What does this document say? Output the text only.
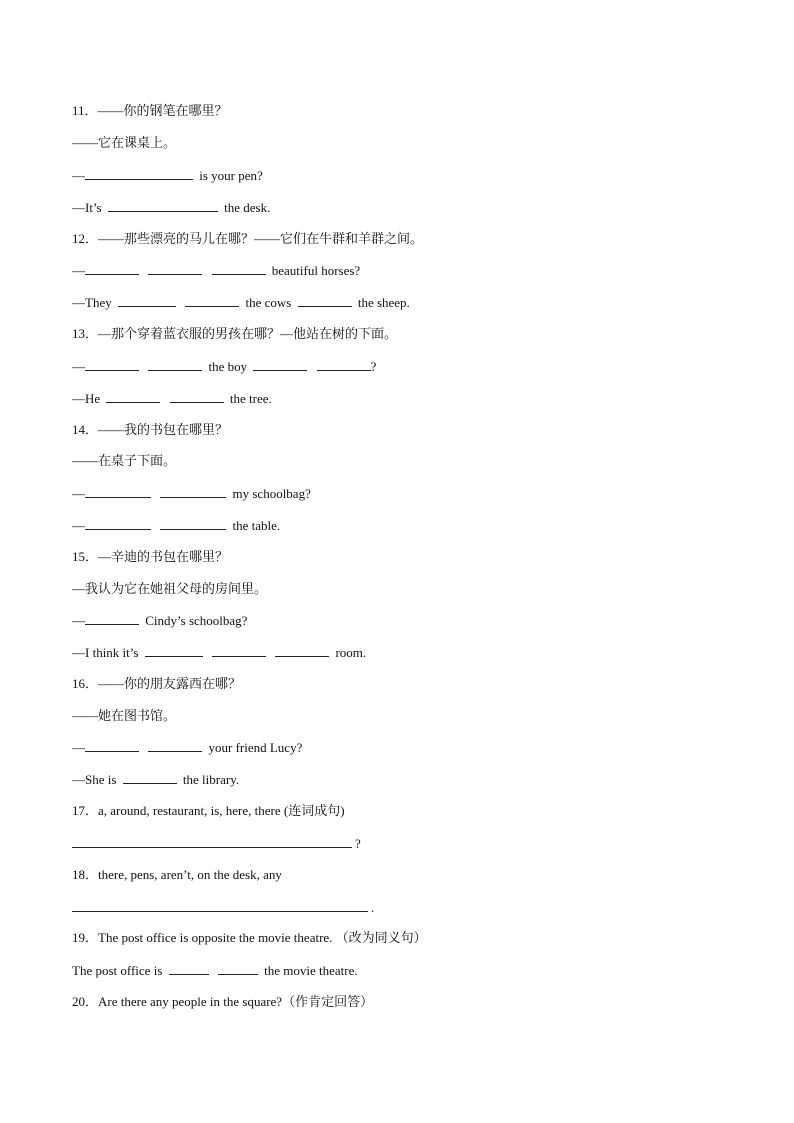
11．——你的钢笔在哪里？
——它在课桌上。
—	is your pen?
—It’s	the desk.
12．——那些漂亮的马儿在哪？——它们在牛群和羊群之间。
—	beautiful horses?
—They	the cows	the sheep.
13．—那个穿着蓝衣服的男孩在哪？—他站在树的下面。
—	the boy	?
—He	the tree.
14．——我的书包在哪里？
——在桌子下面。
—	my schoolbag?
—	the table.
15．—辛迪的书包在哪里？
—我认为它在她祖父母的房间里。
—	Cindy’s schoolbag?
—I think it’s	room.
16．——你的朋友露西在哪？
——她在图书馆。
—	your friend Lucy?
—She is	the library.
17．a, around, restaurant, is, here, there (连词成句)
?
18．there, pens, aren’t, on the desk, any
.
19．The post office is opposite the movie theatre. （改为同义句）
The post office is	the movie theatre.
20．Are there any people in the square?（作肯定回答）
